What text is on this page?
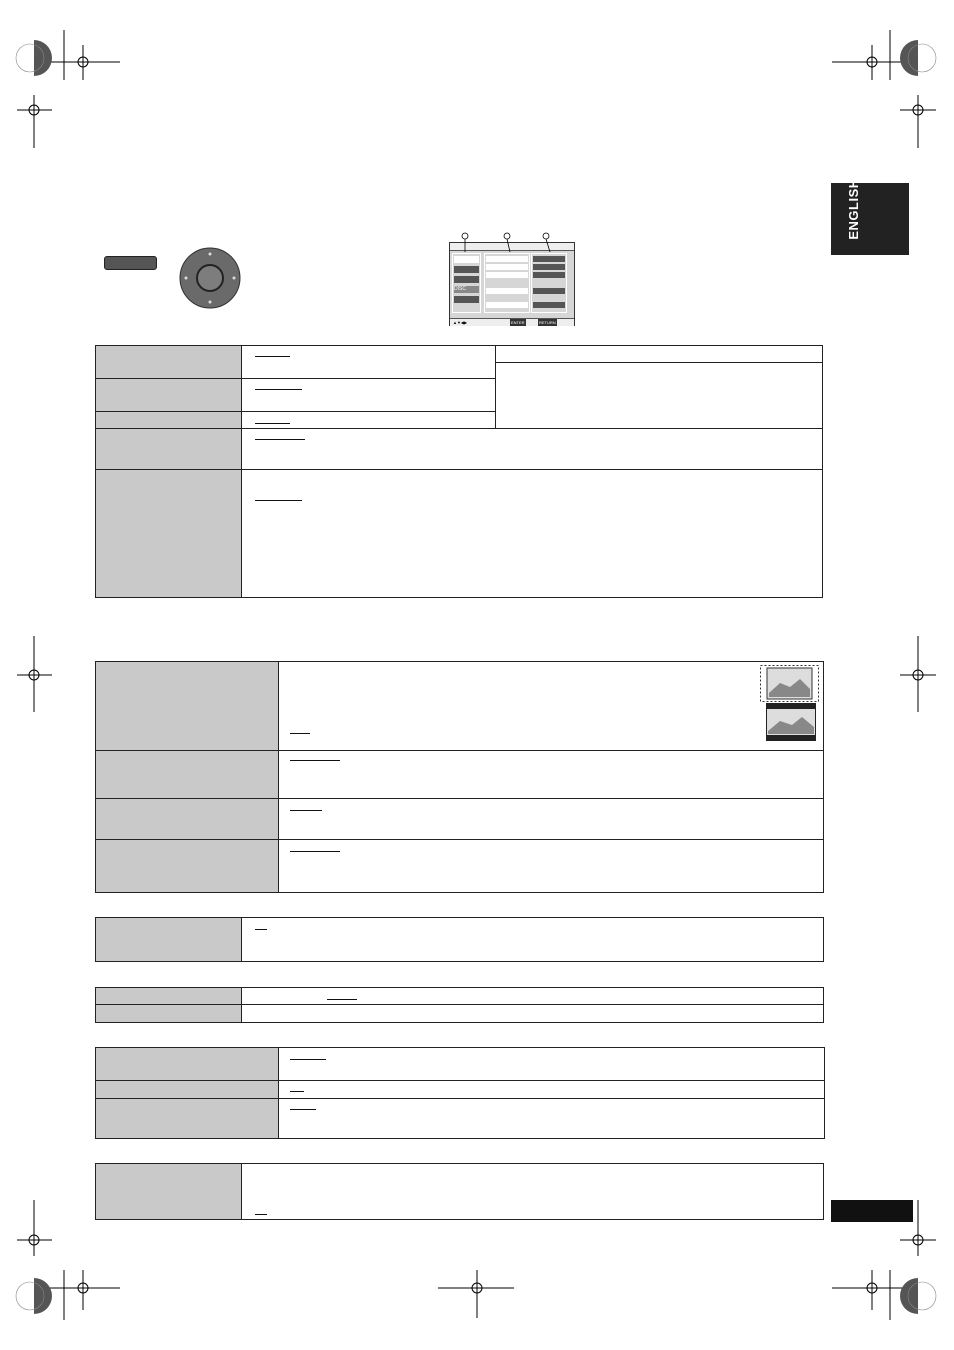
ENGLISH
DISC
▲▼◀▶	ENTER	RETURN
